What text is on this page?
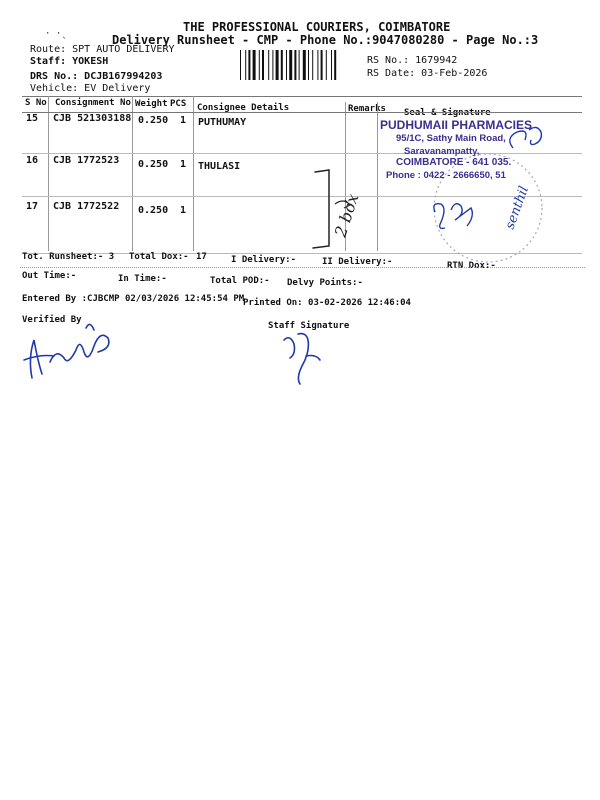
· ·ˎ	THE PROFESSIONAL COURIERS, COIMBATORE
Delivery Runsheet - CMP - Phone No.:9047080280 - Page No.:3
Route: SPT AUTO DELIVERY
Staff: YOKESH
DRS No.: DCJB167994203
Vehicle: EV Delivery
RS No.: 1679942
RS Date: 03-Feb-2026
S No Consignment No Weight PCS Consignee Details	Remarks Seal & Signature
15 CJB 521303188 0.250 1 PUTHUMAY
16 CJB 1772523 0.250 1 THULASI
17 CJB 1772522 0.250 1	2 box
PUDHUMAII PHARMACIES
95/1C, Sathy Main Road,
Saravanampatty,
COIMBATORE - 641 035.
Phone : 0422 - 2666650, 51
senthil
Tot. Runsheet:- 3 Total Dox:- 17	I Delivery:-	II Delivery:-	RTN Dox:-
Out Time:-	In Time:-	Total POD:- Delvy Points:-
Entered By :CJBCMP 02/03/2026 12:45:54 PM
Printed On: 03-02-2026 12:46:04
Verified By
Staff Signature
